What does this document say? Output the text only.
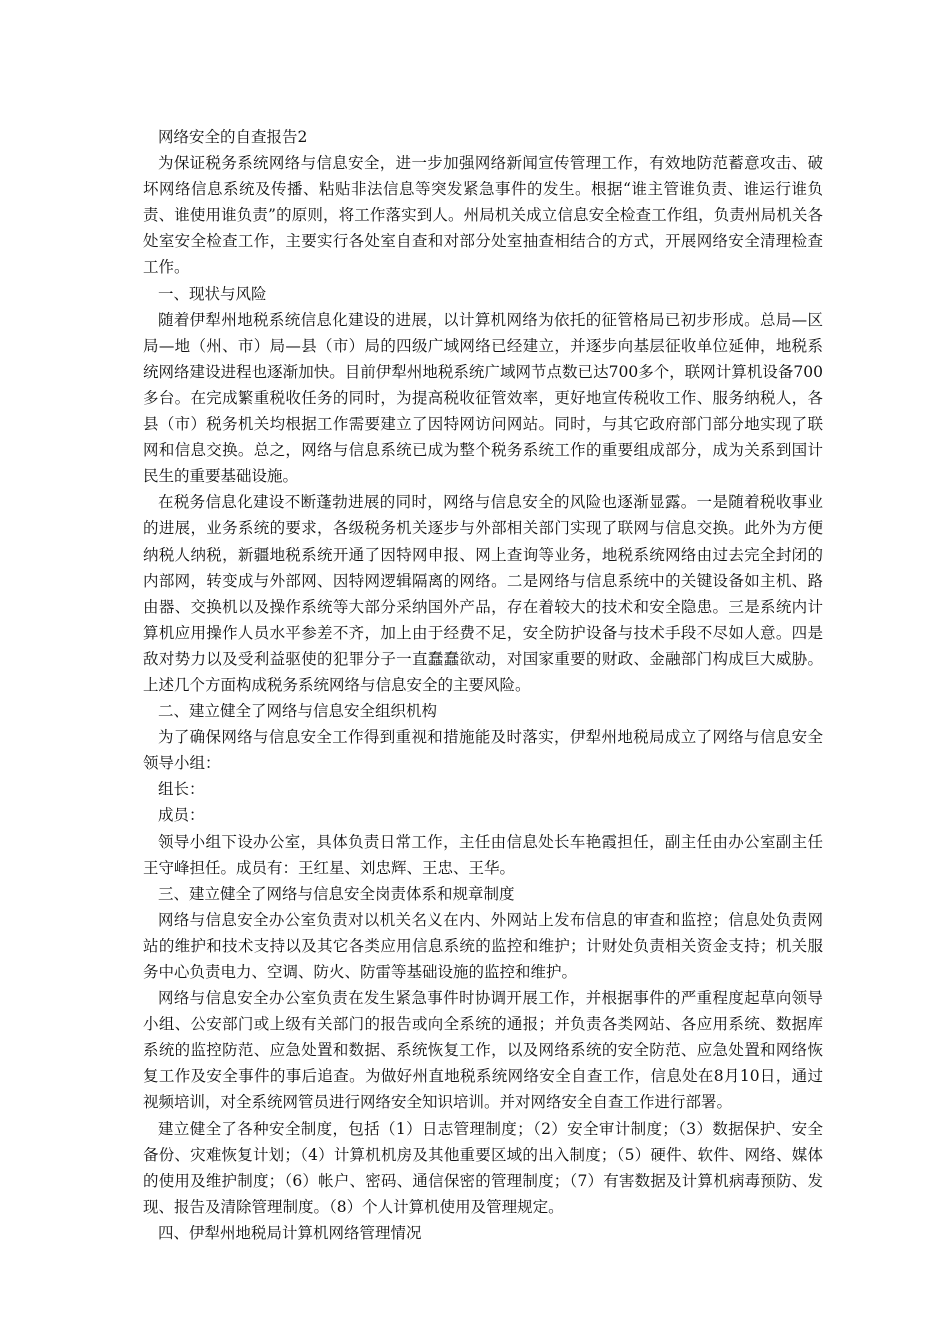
网络安全的自查报告2

为保证税务系统网络与信息安全，进一步加强网络新闻宣传管理工作，有效地防范蓄意攻击、破坏网络信息系统及传播、粘贴非法信息等突发紧急事件的发生。根据“谁主管谁负责、谁运行谁负责、谁使用谁负责”的原则，将工作落实到人。州局机关成立信息安全检查工作组，负责州局机关各处室安全检查工作，主要实行各处室自查和对部分处室抽查相结合的方式，开展网络安全清理检查工作。

一、现状与风险

随着伊犁州地税系统信息化建设的进展，以计算机网络为依托的征管格局已初步形成。总局—区局—地（州、市）局—县（市）局的四级广域网络已经建立，并逐步向基层征收单位延伸，地税系统网络建设进程也逐渐加快。目前伊犁州地税系统广域网节点数已达700多个，联网计算机设备700多台。在完成繁重税收任务的同时，为提高税收征管效率，更好地宣传税收工作、服务纳税人，各县（市）税务机关均根据工作需要建立了因特网访问网站。同时，与其它政府部门部分地实现了联网和信息交换。总之，网络与信息系统已成为整个税务系统工作的重要组成部分，成为关系到国计民生的重要基础设施。

在税务信息化建设不断蓬勃进展的同时，网络与信息安全的风险也逐渐显露。一是随着税收事业的进展，业务系统的要求，各级税务机关逐步与外部相关部门实现了联网与信息交换。此外为方便纳税人纳税，新疆地税系统开通了因特网申报、网上查询等业务，地税系统网络由过去完全封闭的内部网，转变成与外部网、因特网逻辑隔离的网络。二是网络与信息系统中的关键设备如主机、路由器、交换机以及操作系统等大部分采纳国外产品，存在着较大的技术和安全隐患。三是系统内计算机应用操作人员水平参差不齐，加上由于经费不足，安全防护设备与技术手段不尽如人意。四是敌对势力以及受利益驱使的犯罪分子一直蠢蠢欲动，对国家重要的财政、金融部门构成巨大威胁。上述几个方面构成税务系统网络与信息安全的主要风险。

二、建立健全了网络与信息安全组织机构

为了确保网络与信息安全工作得到重视和措施能及时落实，伊犁州地税局成立了网络与信息安全领导小组：

组长：

成员：

领导小组下设办公室，具体负责日常工作，主任由信息处长车艳霞担任，副主任由办公室副主任王守峰担任。成员有：王红星、刘忠辉、王忠、王华。

三、建立健全了网络与信息安全岗责体系和规章制度

网络与信息安全办公室负责对以机关名义在内、外网站上发布信息的审查和监控；信息处负责网站的维护和技术支持以及其它各类应用信息系统的监控和维护；计财处负责相关资金支持；机关服务中心负责电力、空调、防火、防雷等基础设施的监控和维护。

网络与信息安全办公室负责在发生紧急事件时协调开展工作，并根据事件的严重程度起草向领导小组、公安部门或上级有关部门的报告或向全系统的通报；并负责各类网站、各应用系统、数据库系统的监控防范、应急处置和数据、系统恢复工作，以及网络系统的安全防范、应急处置和网络恢复工作及安全事件的事后追查。为做好州直地税系统网络安全自查工作，信息处在8月10日，通过视频培训，对全系统网管员进行网络安全知识培训。并对网络安全自查工作进行部署。

建立健全了各种安全制度，包括（1）日志管理制度；（2）安全审计制度；（3）数据保护、安全备份、灾难恢复计划；（4）计算机机房及其他重要区域的出入制度；（5）硬件、软件、网络、媒体的使用及维护制度；（6）帐户、密码、通信保密的管理制度；（7）有害数据及计算机病毒预防、发现、报告及清除管理制度。（8）个人计算机使用及管理规定。

四、伊犁州地税局计算机网络管理情况
